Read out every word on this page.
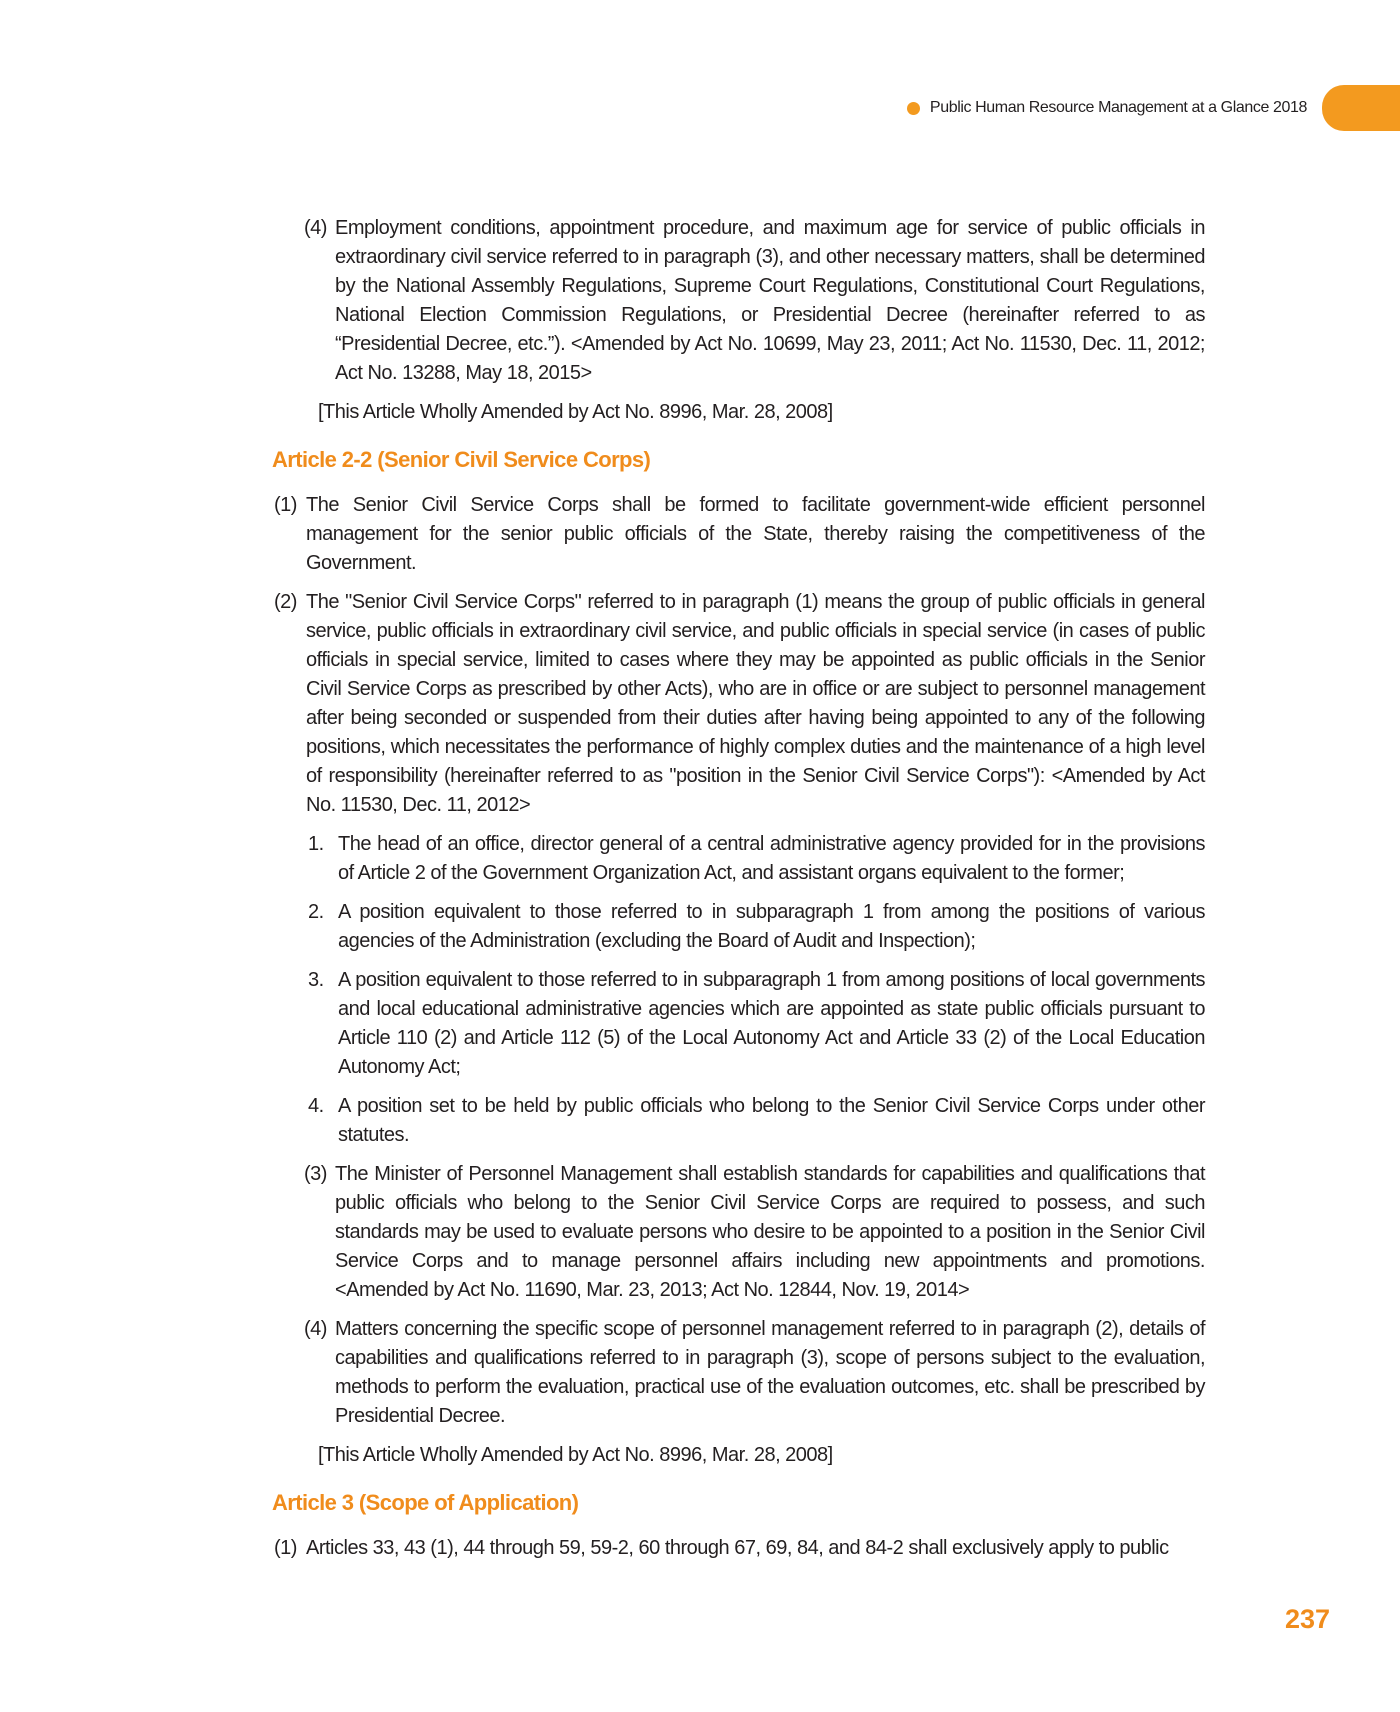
Public Human Resource Management at a Glance 2018

(4) Employment conditions, appointment procedure, and maximum age for service of public officials in extraordinary civil service referred to in paragraph (3), and other necessary matters, shall be determined by the National Assembly Regulations, Supreme Court Regulations, Constitutional Court Regulations, National Election Commission Regulations, or Presidential Decree (hereinafter referred to as “Presidential Decree, etc.”). <Amended by Act No. 10699, May 23, 2011; Act No. 11530, Dec. 11, 2012; Act No. 13288, May 18, 2015>

[This Article Wholly Amended by Act No. 8996, Mar. 28, 2008]

Article 2-2 (Senior Civil Service Corps)

(1) The Senior Civil Service Corps shall be formed to facilitate government-wide efficient personnel management for the senior public officials of the State, thereby raising the competitiveness of the Government.

(2) The "Senior Civil Service Corps" referred to in paragraph (1) means the group of public officials in general service, public officials in extraordinary civil service, and public officials in special service (in cases of public officials in special service, limited to cases where they may be appointed as public officials in the Senior Civil Service Corps as prescribed by other Acts), who are in office or are subject to personnel management after being seconded or suspended from their duties after having being appointed to any of the following positions, which necessitates the performance of highly complex duties and the maintenance of a high level of responsibility (hereinafter referred to as "position in the Senior Civil Service Corps"): <Amended by Act No. 11530, Dec. 11, 2012>

1. The head of an office, director general of a central administrative agency provided for in the provisions of Article 2 of the Government Organization Act, and assistant organs equivalent to the former;

2. A position equivalent to those referred to in subparagraph 1 from among the positions of various agencies of the Administration (excluding the Board of Audit and Inspection);

3. A position equivalent to those referred to in subparagraph 1 from among positions of local governments and local educational administrative agencies which are appointed as state public officials pursuant to Article 110 (2) and Article 112 (5) of the Local Autonomy Act and Article 33 (2) of the Local Education Autonomy Act;

4. A position set to be held by public officials who belong to the Senior Civil Service Corps under other statutes.

(3) The Minister of Personnel Management shall establish standards for capabilities and qualifications that public officials who belong to the Senior Civil Service Corps are required to possess, and such standards may be used to evaluate persons who desire to be appointed to a position in the Senior Civil Service Corps and to manage personnel affairs including new appointments and promotions. <Amended by Act No. 11690, Mar. 23, 2013; Act No. 12844, Nov. 19, 2014>

(4) Matters concerning the specific scope of personnel management referred to in paragraph (2), details of capabilities and qualifications referred to in paragraph (3), scope of persons subject to the evaluation, methods to perform the evaluation, practical use of the evaluation outcomes, etc. shall be prescribed by Presidential Decree.

[This Article Wholly Amended by Act No. 8996, Mar. 28, 2008]

Article 3 (Scope of Application)

(1) Articles 33, 43 (1), 44 through 59, 59-2, 60 through 67, 69, 84, and 84-2 shall exclusively apply to public

237
